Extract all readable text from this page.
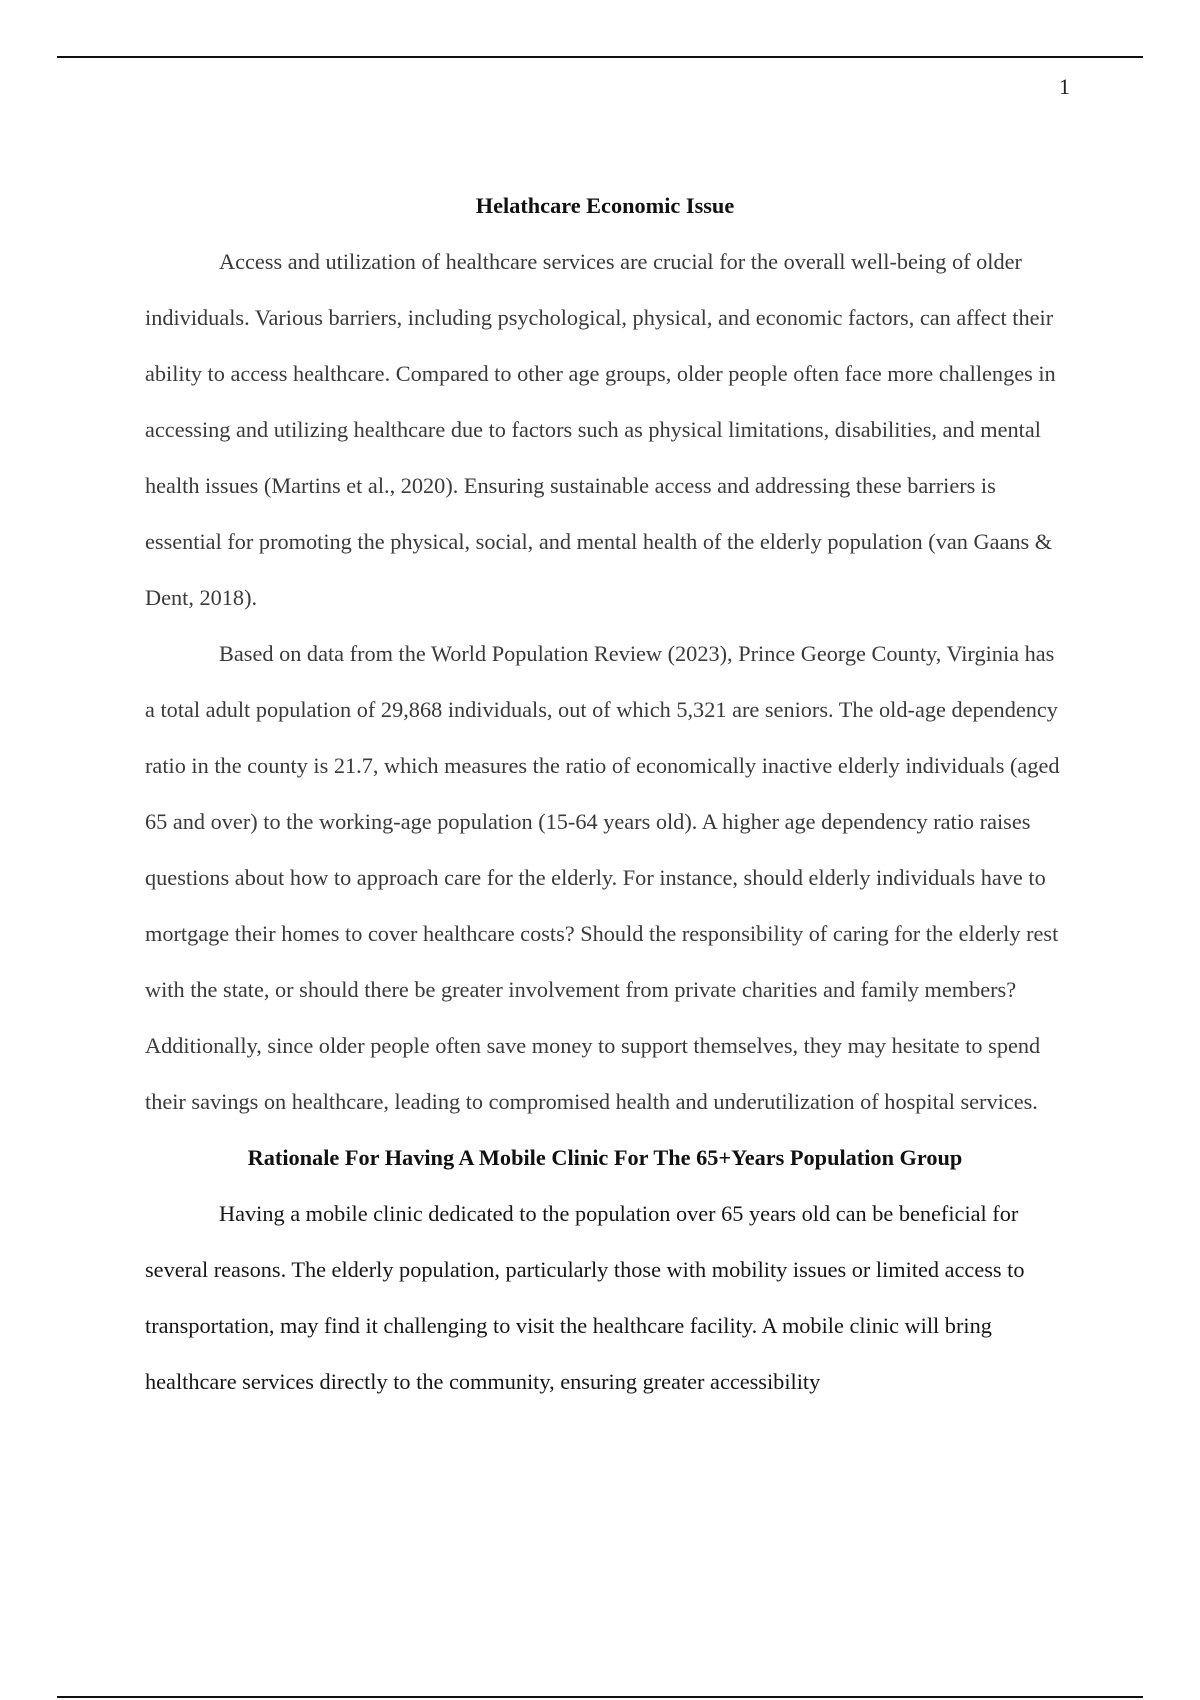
1
Helathcare Economic Issue

Access and utilization of healthcare services are crucial for the overall well-being of older individuals. Various barriers, including psychological, physical, and economic factors, can affect their ability to access healthcare. Compared to other age groups, older people often face more challenges in accessing and utilizing healthcare due to factors such as physical limitations, disabilities, and mental health issues (Martins et al., 2020). Ensuring sustainable access and addressing these barriers is essential for promoting the physical, social, and mental health of the elderly population (van Gaans & Dent, 2018).

Based on data from the World Population Review (2023), Prince George County, Virginia has a total adult population of 29,868 individuals, out of which 5,321 are seniors. The old-age dependency ratio in the county is 21.7, which measures the ratio of economically inactive elderly individuals (aged 65 and over) to the working-age population (15-64 years old). A higher age dependency ratio raises questions about how to approach care for the elderly. For instance, should elderly individuals have to mortgage their homes to cover healthcare costs? Should the responsibility of caring for the elderly rest with the state, or should there be greater involvement from private charities and family members? Additionally, since older people often save money to support themselves, they may hesitate to spend their savings on healthcare, leading to compromised health and underutilization of hospital services.

Rationale For Having A Mobile Clinic For The 65+Years Population Group

Having a mobile clinic dedicated to the population over 65 years old can be beneficial for several reasons. The elderly population, particularly those with mobility issues or limited access to transportation, may find it challenging to visit the healthcare facility. A mobile clinic will bring healthcare services directly to the community, ensuring greater accessibility
